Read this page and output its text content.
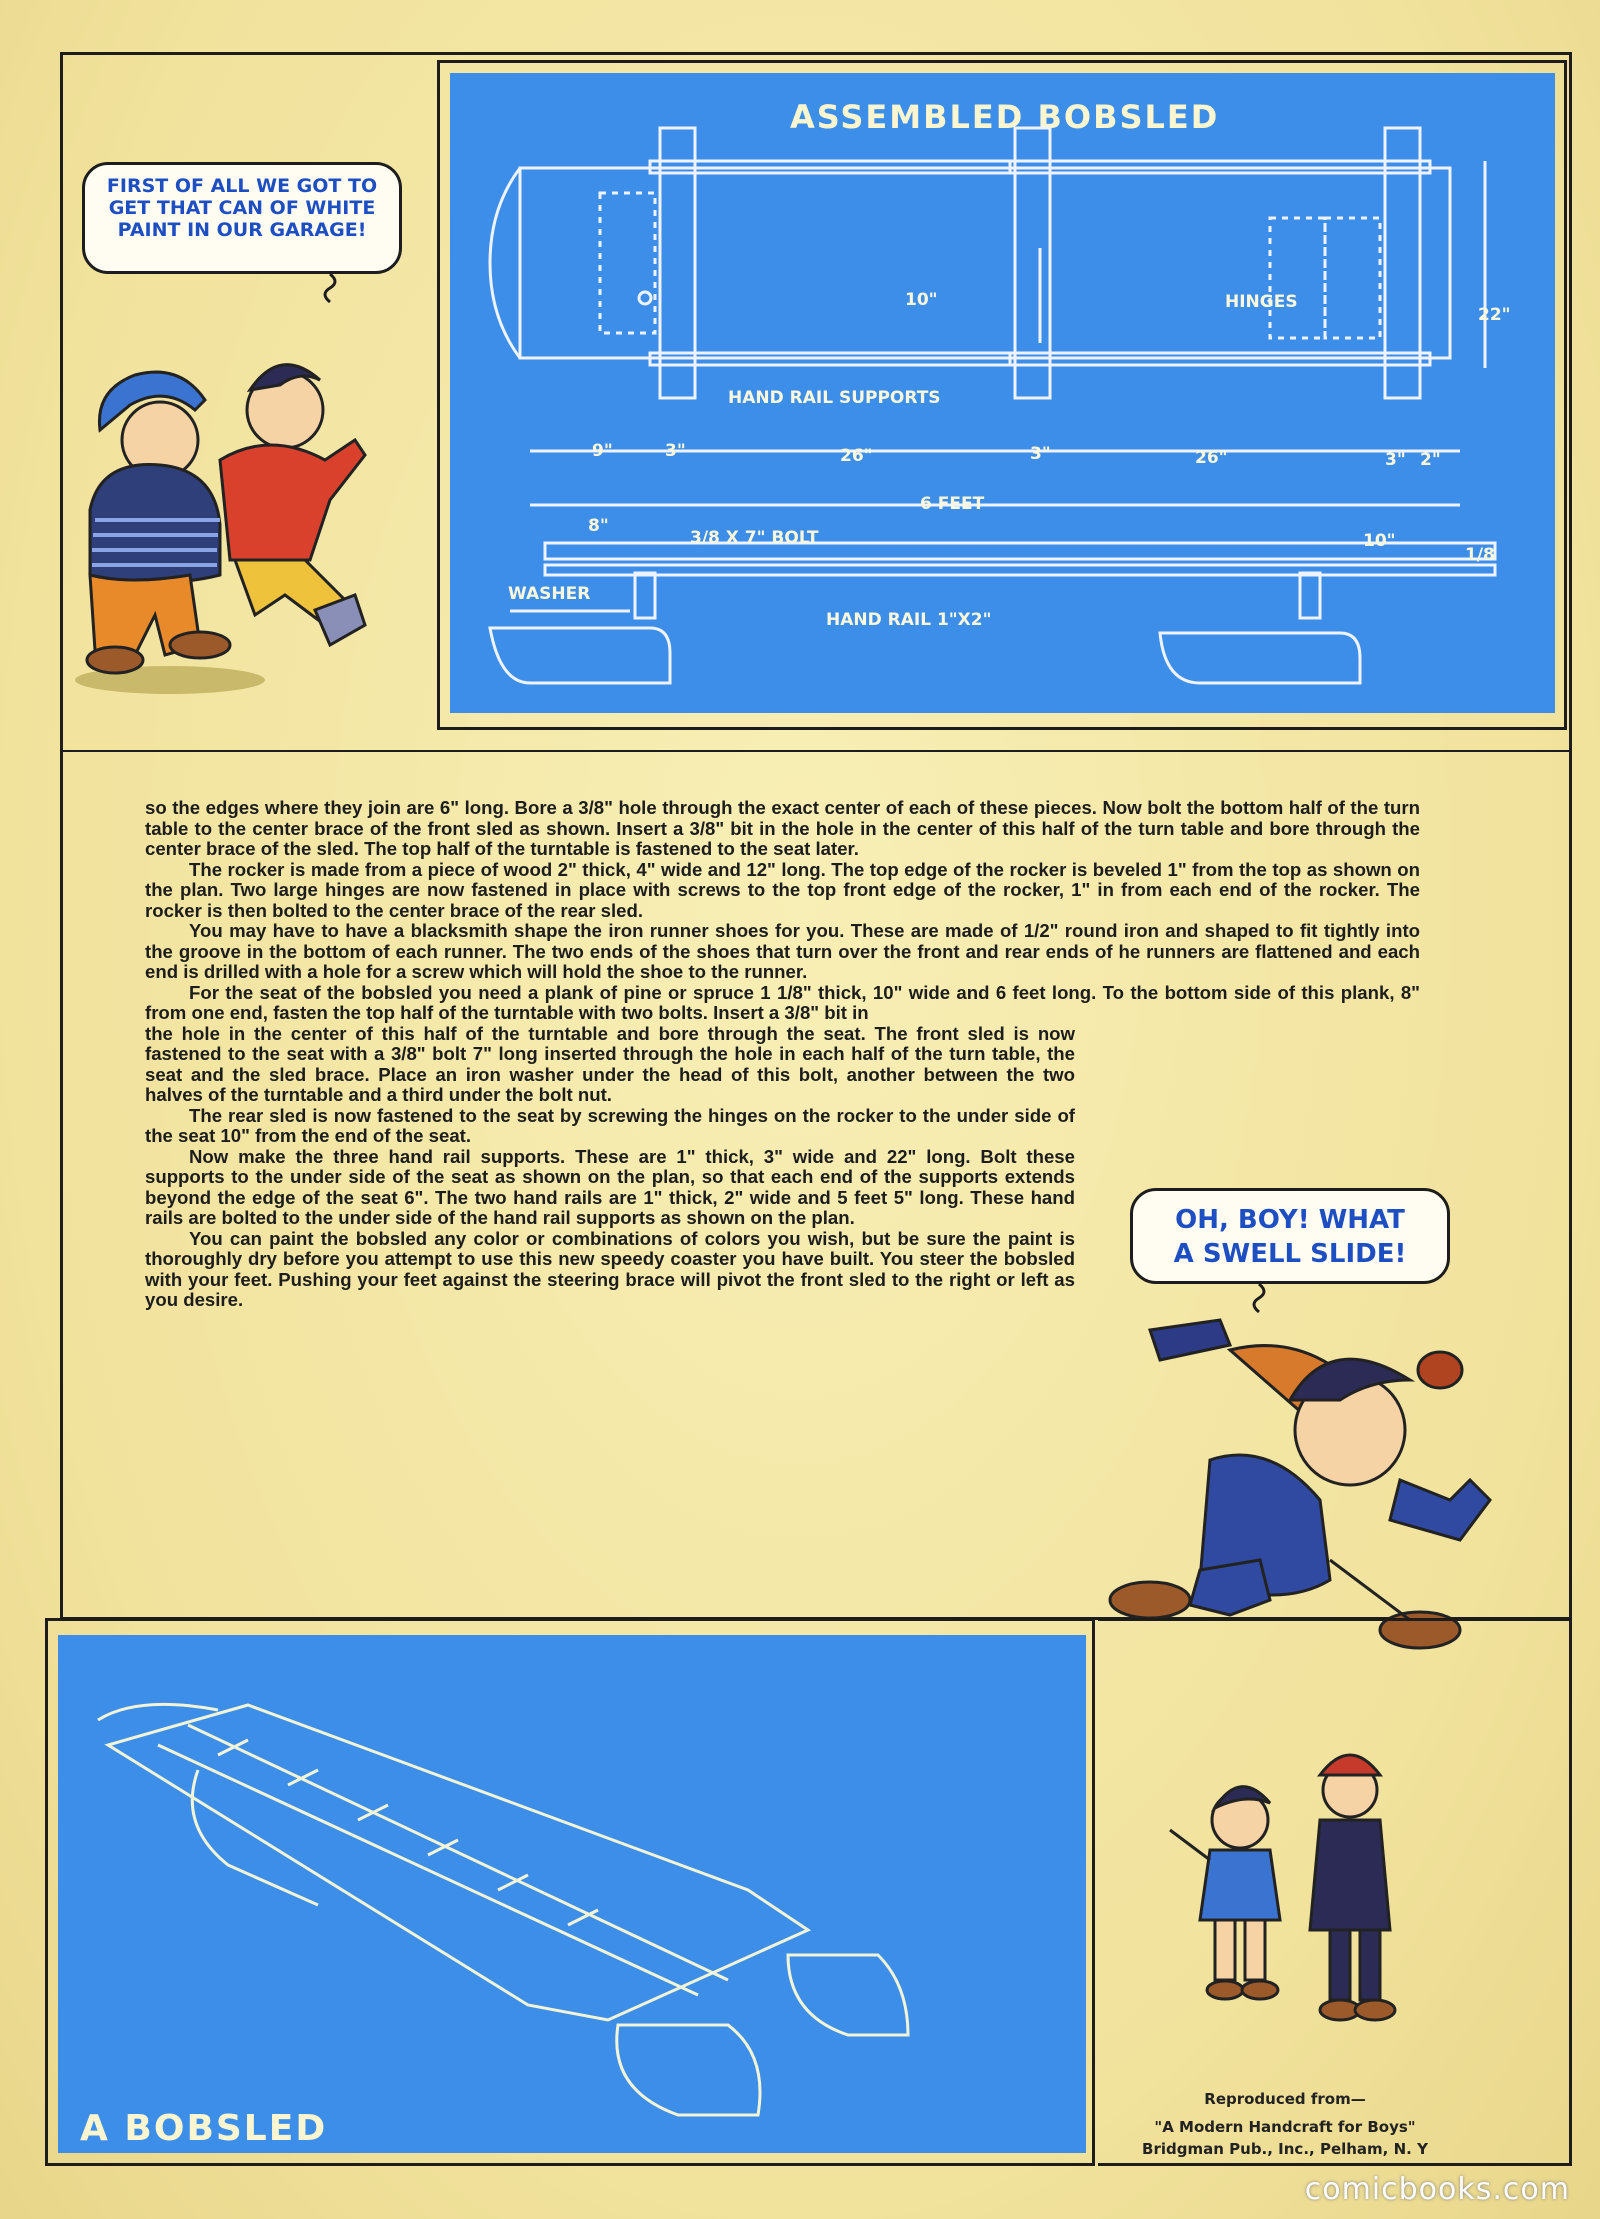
FIRST OF ALL WE GOT TO GET THAT CAN OF WHITE PAINT IN OUR GARAGE!
ASSEMBLED BOBSLED
10"	HINGES
22"
HAND RAIL SUPPORTS
9"	3"	26"	3"	26"	3" 2"
6 FEET
8"
3/8 X 7" BOLT	10"
1/8
WASHER
HAND RAIL 1"X2"

so the edges where they join are 6" long. Bore a 3/8" hole through the exact center of each of these pieces. Now bolt the bottom half of the turn table to the center brace of the front sled as shown. Insert a 3/8" bit in the hole in the center of this half of the turn table and bore through the center brace of the sled. The top half of the turntable is fastened to the seat later.

The rocker is made from a piece of wood 2" thick, 4" wide and 12" long. The top edge of the rocker is beveled 1" from the top as shown on the plan. Two large hinges are now fastened in place with screws to the top front edge of the rocker, 1" in from each end of the rocker. The rocker is then bolted to the center brace of the rear sled.

You may have to have a blacksmith shape the iron runner shoes for you. These are made of 1/2" round iron and shaped to fit tightly into the groove in the bottom of each runner. The two ends of the shoes that turn over the front and rear ends of he runners are flattened and each end is drilled with a hole for a screw which will hold the shoe to the runner.

For the seat of the bobsled you need a plank of pine or spruce 1 1/8" thick, 10" wide and 6 feet long. To the bottom side of this plank, 8" from one end, fasten the top half of the turntable with two bolts. Insert a 3/8" bit in

the hole in the center of this half of the turntable and bore through the seat. The front sled is now fastened to the seat with a 3/8" bolt 7" long inserted through the hole in each half of the turn table, the seat and the sled brace. Place an iron washer under the head of this bolt, another between the two halves of the turntable and a third under the bolt nut.

The rear sled is now fastened to the seat by screwing the hinges on the rocker to the under side of the seat 10" from the end of the seat.

Now make the three hand rail supports. These are 1" thick, 3" wide and 22" long. Bolt these supports to the under side of the seat as shown on the plan, so that each end of the supports extends beyond the edge of the seat 6". The two hand rails are 1" thick, 2" wide and 5 feet 5" long. These hand rails are bolted to the under side of the hand rail supports as shown on the plan.

You can paint the bobsled any color or combinations of colors you wish, but be sure the paint is thoroughly dry before you attempt to use this new speedy coaster you have built. You steer the bobsled with your feet. Pushing your feet against the steering brace will pivot the front sled to the right or left as you desire.

OH, BOY! WHAT A SWELL SLIDE!
A BOBSLED
Reproduced from—
"A Modern Handcraft for Boys"
Bridgman Pub., Inc., Pelham, N. Y
comicbooks.com
